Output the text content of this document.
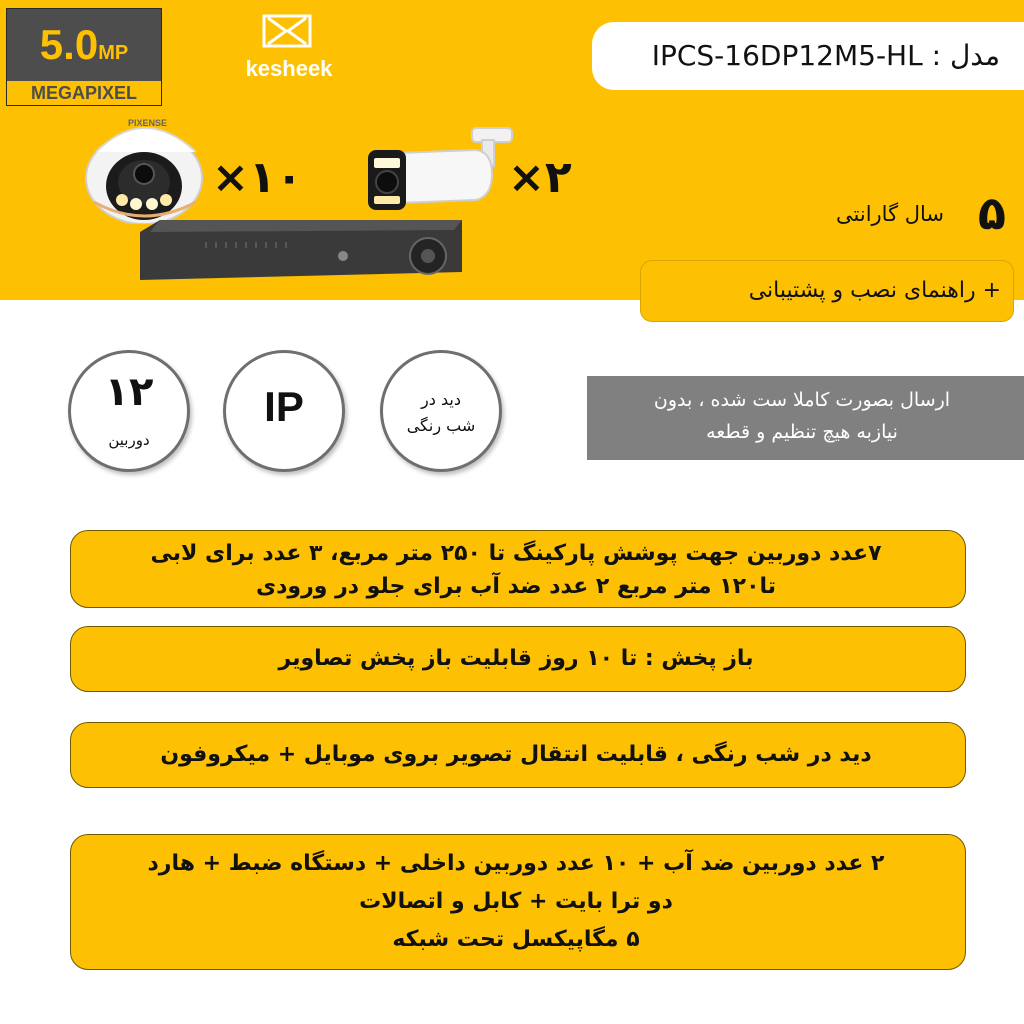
5.0MP
MEGAPIXEL
kesheek	مدل : IPCS-16DP12M5-HL
PIXENSE
×۱۰	×۲
۵
سال گارانتی
+ راهنمای نصب و پشتیبانی
۱۲
دوربین
IP	دید در
شب رنگی
ارسال بصورت کاملا ست شده ، بدون
نیازبه هیچ تنظیم و قطعه
۷عدد دوربین جهت پوشش پارکینگ تا ۲۵۰ متر مربع، ۳ عدد برای لابی
تا۱۲۰ متر مربع ۲ عدد ضد آب برای جلو در ورودی
باز پخش : تا ۱۰ روز قابلیت باز پخش تصاویر
دید در شب رنگی ، قابلیت انتقال تصویر بروی موبایل + میکروفون
۲ عدد دوربین ضد آب + ۱۰ عدد دوربین داخلی + دستگاه ضبط + هارد
دو ترا بایت + کابل و اتصالات
۵ مگاپیکسل تحت شبکه
